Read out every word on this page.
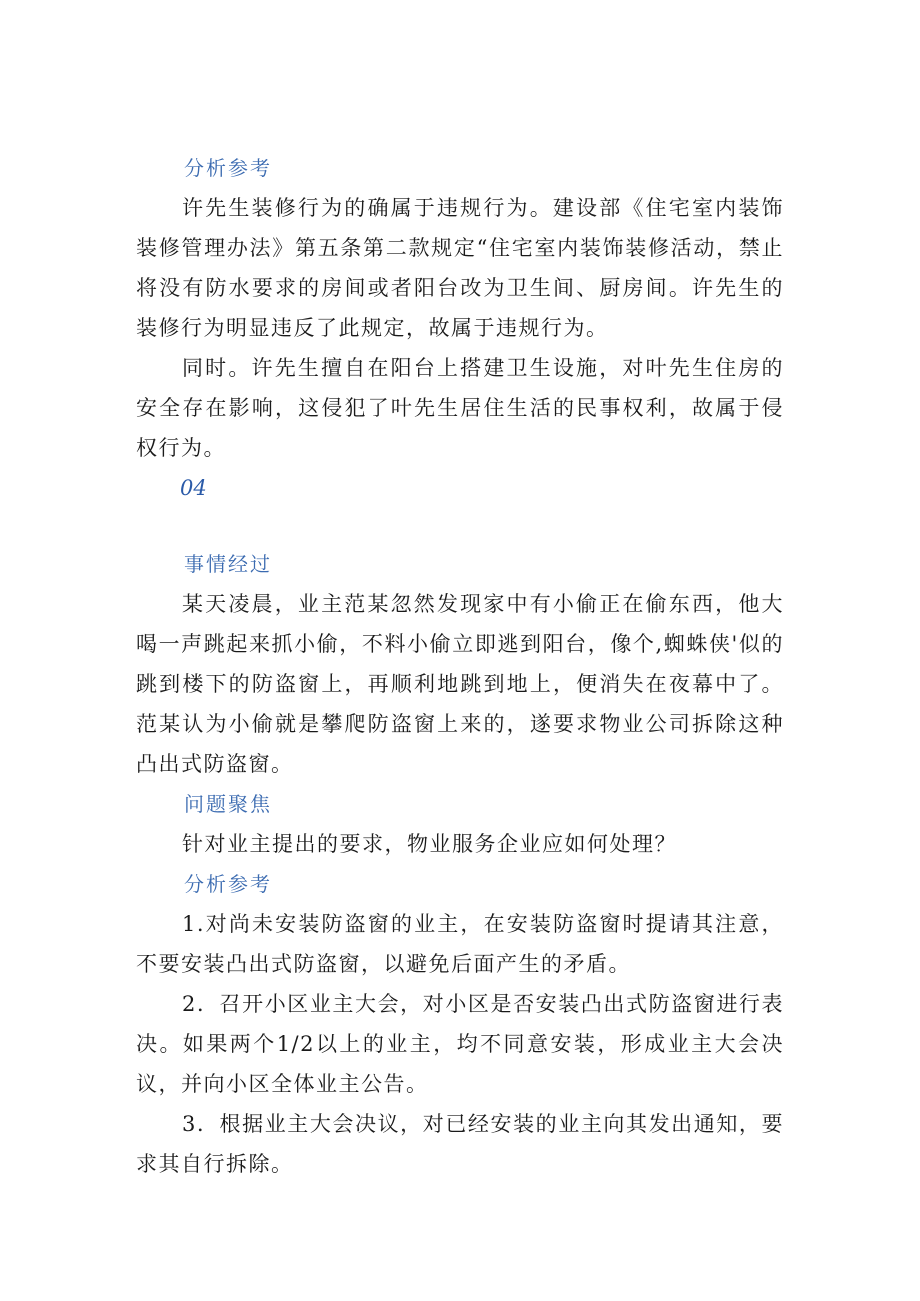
分析参考

许先生装修行为的确属于违规行为。建设部《住宅室内装饰装修管理办法》第五条第二款规定“住宅室内装饰装修活动，禁止将没有防水要求的房间或者阳台改为卫生间、厨房间。许先生的装修行为明显违反了此规定，故属于违规行为。

同时。许先生擅自在阳台上搭建卫生设施，对叶先生住房的安全存在影响，这侵犯了叶先生居住生活的民事权利，故属于侵权行为。

04
事情经过

某天凌晨，业主范某忽然发现家中有小偷正在偷东西，他大喝一声跳起来抓小偷，不料小偷立即逃到阳台，像个,蜘蛛侠'似的跳到楼下的防盗窗上，再顺利地跳到地上，便消失在夜幕中了。范某认为小偷就是攀爬防盗窗上来的，遂要求物业公司拆除这种凸出式防盗窗。

问题聚焦

针对业主提出的要求，物业服务企业应如何处理？

分析参考

1.对尚未安装防盗窗的业主，在安装防盗窗时提请其注意，不要安装凸出式防盗窗，以避免后面产生的矛盾。

2．召开小区业主大会，对小区是否安装凸出式防盗窗进行表决。如果两个1/2以上的业主，均不同意安装，形成业主大会决议，并向小区全体业主公告。

3．根据业主大会决议，对已经安装的业主向其发出通知，要求其自行拆除。
